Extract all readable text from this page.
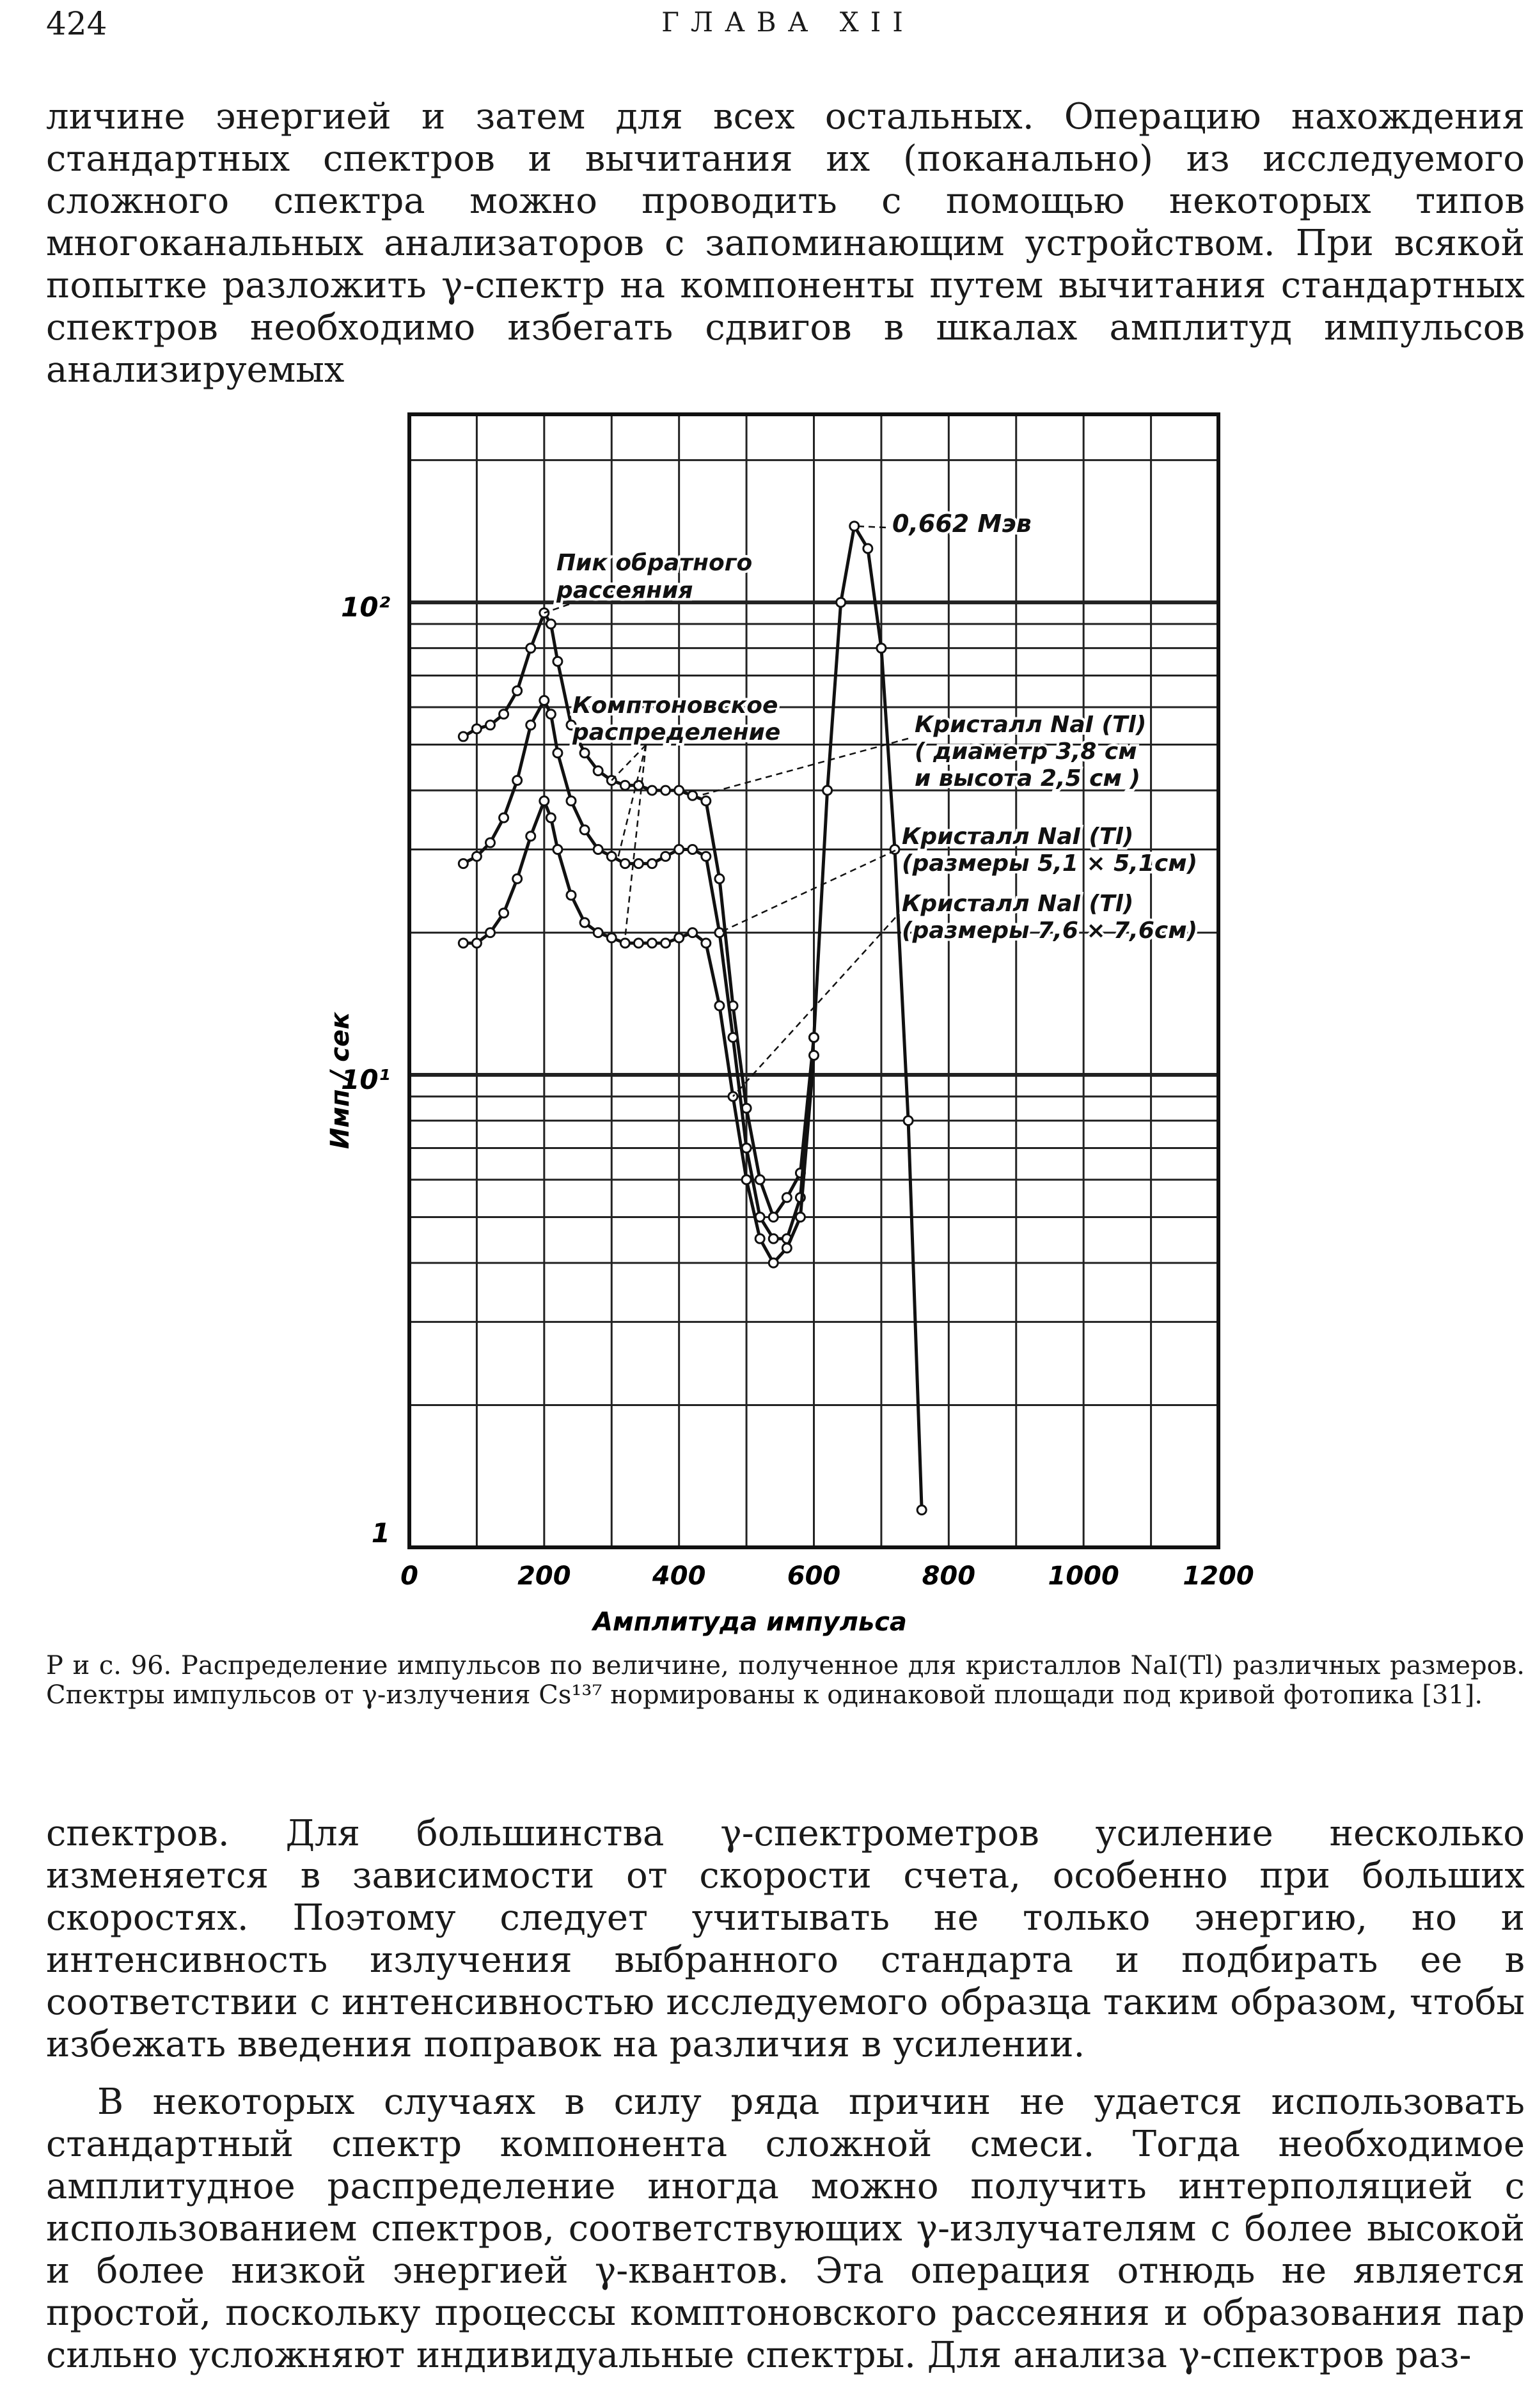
424	ГЛАВА XII

личине энергией и затем для всех остальных. Операцию нахождения стандартных спектров и вычитания их (поканально) из исследуемого сложного спектра можно проводить с помощью некоторых типов многоканальных анализаторов с запоминающим устройством. При всякой попытке разложить γ-спектр на компоненты путем вычитания стандартных спектров необходимо избегать сдвигов в шкалах амплитуд импульсов анализируемых

0	200	400	600	800	1000 1200
1
10¹
10²
Амплитуда импульса
Имп / сек
0,662 Мэв
Пик обратного
рассеяния
Комптоновское
распределение	Кристалл NaI (Tl)
( диаметр 3,8 см
и высота 2,5 см )
Кристалл NaI (Tl)
(размеры 5,1 × 5,1см)
Кристалл NaI (Tl)
(размеры 7,6 × 7,6см)

Р и с. 96. Распределение импульсов по величине, полученное для кристаллов NaI(Tl) различных размеров. Спектры импульсов от γ-излучения Cs¹³⁷ нормированы к одинаковой площади под кривой фотопика [31].

спектров. Для большинства γ-спектрометров усиление несколько изменяется в зависимости от скорости счета, особенно при больших скоростях. Поэтому следует учитывать не только энергию, но и интенсивность излучения выбранного стандарта и подбирать ее в соответствии с интенсивностью исследуемого образца таким образом, чтобы избежать введения поправок на различия в усилении.

В некоторых случаях в силу ряда причин не удается использовать стандартный спектр компонента сложной смеси. Тогда необходимое амплитудное распределение иногда можно получить интерполяцией с использованием спектров, соответствующих γ-излучателям с более высокой и более низкой энергией γ-квантов. Эта операция отнюдь не является простой, поскольку процессы комптоновского рассеяния и образования пар сильно усложняют индивидуальные спектры. Для анализа γ-спектров раз-
